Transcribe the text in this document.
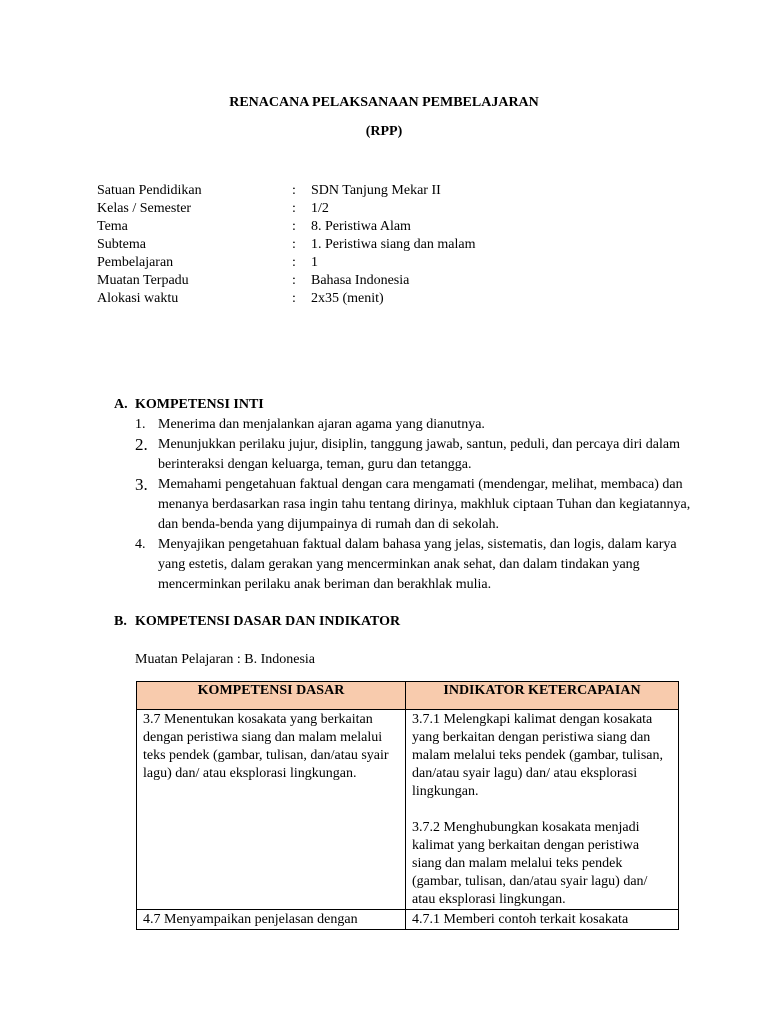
RENACANA PELAKSANAAN PEMBELAJARAN
(RPP)
Satuan Pendidikan	: SDN Tanjung Mekar II
Kelas / Semester	: 1/2
Tema	: 8. Peristiwa Alam
Subtema	: 1. Peristiwa siang dan malam
Pembelajaran	: 1
Muatan Terpadu	: Bahasa Indonesia
Alokasi waktu	: 2x35 (menit)
A. KOMPETENSI INTI
1. Menerima dan menjalankan ajaran agama yang dianutnya.
2. Menunjukkan perilaku jujur, disiplin, tanggung jawab, santun, peduli, dan percaya diri dalam berinteraksi dengan keluarga, teman, guru dan tetangga.
3. Memahami pengetahuan faktual dengan cara mengamati (mendengar, melihat, membaca) dan menanya berdasarkan rasa ingin tahu tentang dirinya, makhluk ciptaan Tuhan dan kegiatannya, dan benda-benda yang dijumpainya di rumah dan di sekolah.
4. Menyajikan pengetahuan faktual dalam bahasa yang jelas, sistematis, dan logis, dalam karya yang estetis, dalam gerakan yang mencerminkan anak sehat, dan dalam tindakan yang mencerminkan perilaku anak beriman dan berakhlak mulia.
B. KOMPETENSI DASAR DAN INDIKATOR
Muatan Pelajaran : B. Indonesia
KOMPETENSI DASAR	INDIKATOR KETERCAPAIAN
3.7 Menentukan kosakata yang berkaitan dengan peristiwa siang dan malam melalui teks pendek (gambar, tulisan, dan/atau syair lagu) dan/ atau eksplorasi lingkungan.	3.7.1 Melengkapi kalimat dengan kosakata yang berkaitan dengan peristiwa siang dan malam melalui teks pendek (gambar, tulisan, dan/atau syair lagu) dan/ atau eksplorasi lingkungan.
3.7.2 Menghubungkan kosakata menjadi kalimat yang berkaitan dengan peristiwa siang dan malam melalui teks pendek (gambar, tulisan, dan/atau syair lagu) dan/ atau eksplorasi lingkungan.

4.7 Menyampaikan penjelasan dengan	4.7.1 Memberi contoh terkait kosakata
